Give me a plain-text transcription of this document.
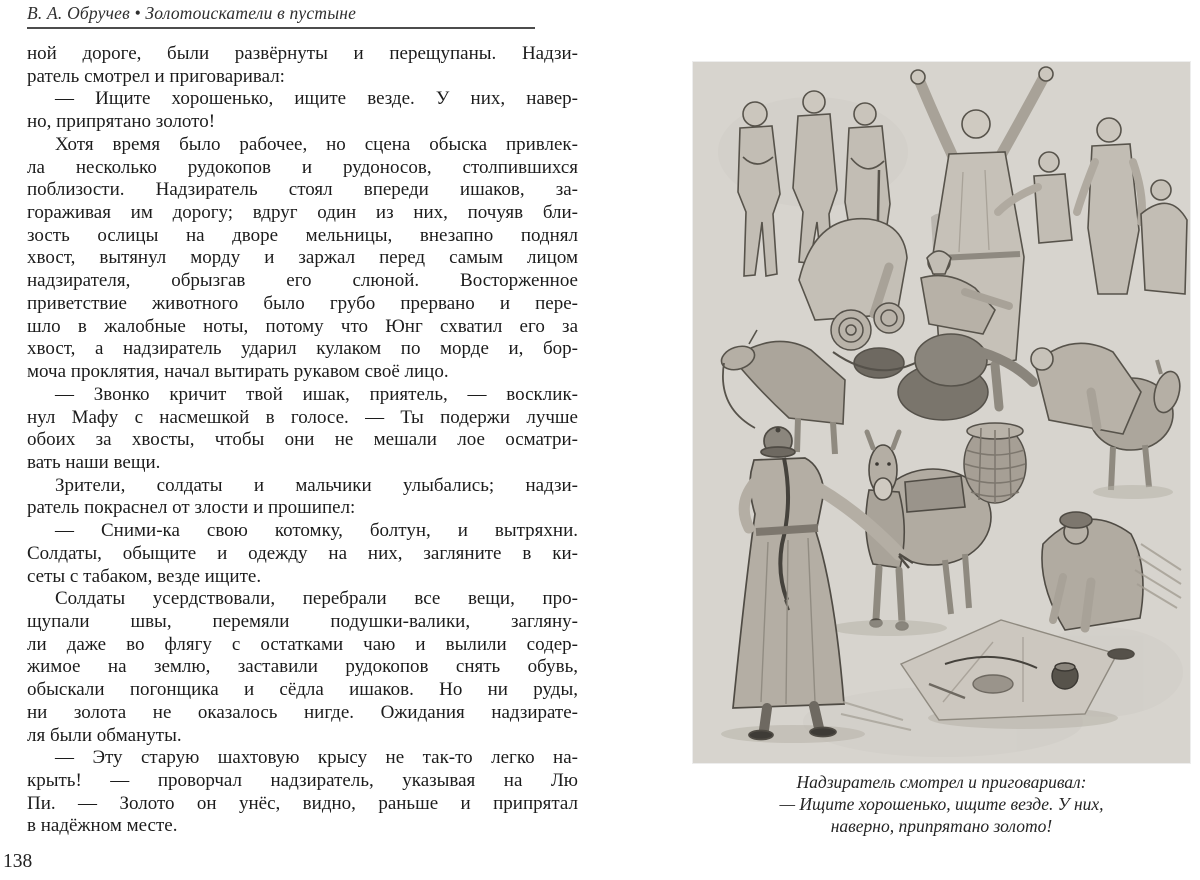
В. А. Обручев • Золотоискатели в пустыне
ной дороге, были развёрнуты и перещупаны. Надзи-
ратель смотрел и приговаривал:
— Ищите хорошенько, ищите везде. У них, навер-
но, припрятано золото!
Хотя время было рабочее, но сцена обыска привлек-
ла несколько рудокопов и рудоносов, столпившихся
поблизости. Надзиратель стоял впереди ишаков, за-
гораживая им дорогу; вдруг один из них, почуяв бли-
зость ослицы на дворе мельницы, внезапно поднял
хвост, вытянул морду и заржал перед самым лицом
надзирателя, обрызгав его слюной. Восторженное
приветствие животного было грубо прервано и пере-
шло в жалобные ноты, потому что Юнг схватил его за
хвост, а надзиратель ударил кулаком по морде и, бор-
моча проклятия, начал вытирать рукавом своё лицо.
— Звонко кричит твой ишак, приятель, — восклик-
нул Мафу с насмешкой в голосе. — Ты подержи лучше
обоих за хвосты, чтобы они не мешали лое осматри-
вать наши вещи.
Зрители, солдаты и мальчики улыбались; надзи-
ратель покраснел от злости и прошипел:
— Сними-ка свою котомку, болтун, и вытряхни.
Солдаты, обыщите и одежду на них, загляните в ки-
сеты с табаком, везде ищите.
Солдаты усердствовали, перебрали все вещи, про-
щупали швы, перемяли подушки-валики, загляну-
ли даже во флягу с остатками чаю и вылили содер-
жимое на землю, заставили рудокопов снять обувь,
обыскали погонщика и сёдла ишаков. Но ни руды,
ни золота не оказалось нигде. Ожидания надзирате-
ля были обмануты.
— Эту старую шахтовую крысу не так-то легко на-
крыть! — проворчал надзиратель, указывая на Лю
Пи. — Золото он унёс, видно, раньше и припрятал
в надёжном месте.
Надзиратель смотрел и приговаривал:
— Ищите хорошенько, ищите везде. У них,
наверно, припрятано золото!
138
